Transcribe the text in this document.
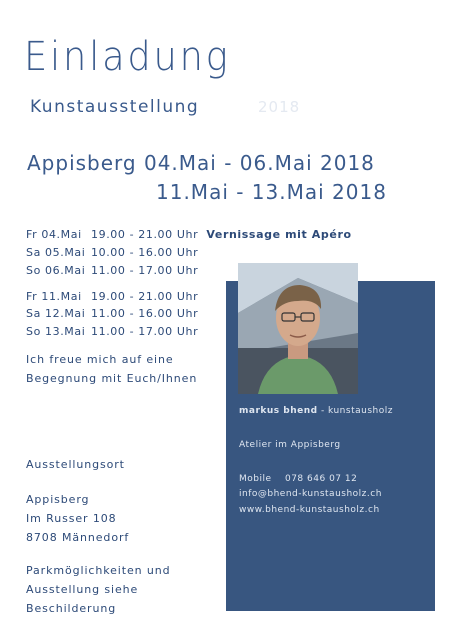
Einladung
Kunstausstellung	2018
Appisberg 04.Mai - 06.Mai 2018
11.Mai - 13.Mai 2018
Fr 04.Mai 19.00 - 21.00 Uhr Vernissage mit Apéro
Sa 05.Mai 10.00 - 16.00 Uhr
So 06.Mai 11.00 - 17.00 Uhr
Fr 11.Mai 19.00 - 21.00 Uhr
Sa 12.Mai 11.00 - 16.00 Uhr
So 13.Mai 11.00 - 17.00 Uhr
Ich freue mich auf eine
Begegnung mit Euch/Ihnen
Ausstellungsort
Appisberg
Im Russer 108
8708 Männedorf
Parkmöglichkeiten und
Ausstellung siehe
Beschilderung
markus bhend - kunstausholz
Atelier im Appisberg
Mobile 078 646 07 12
info@bhend-kunstausholz.ch
www.bhend-kunstausholz.ch
